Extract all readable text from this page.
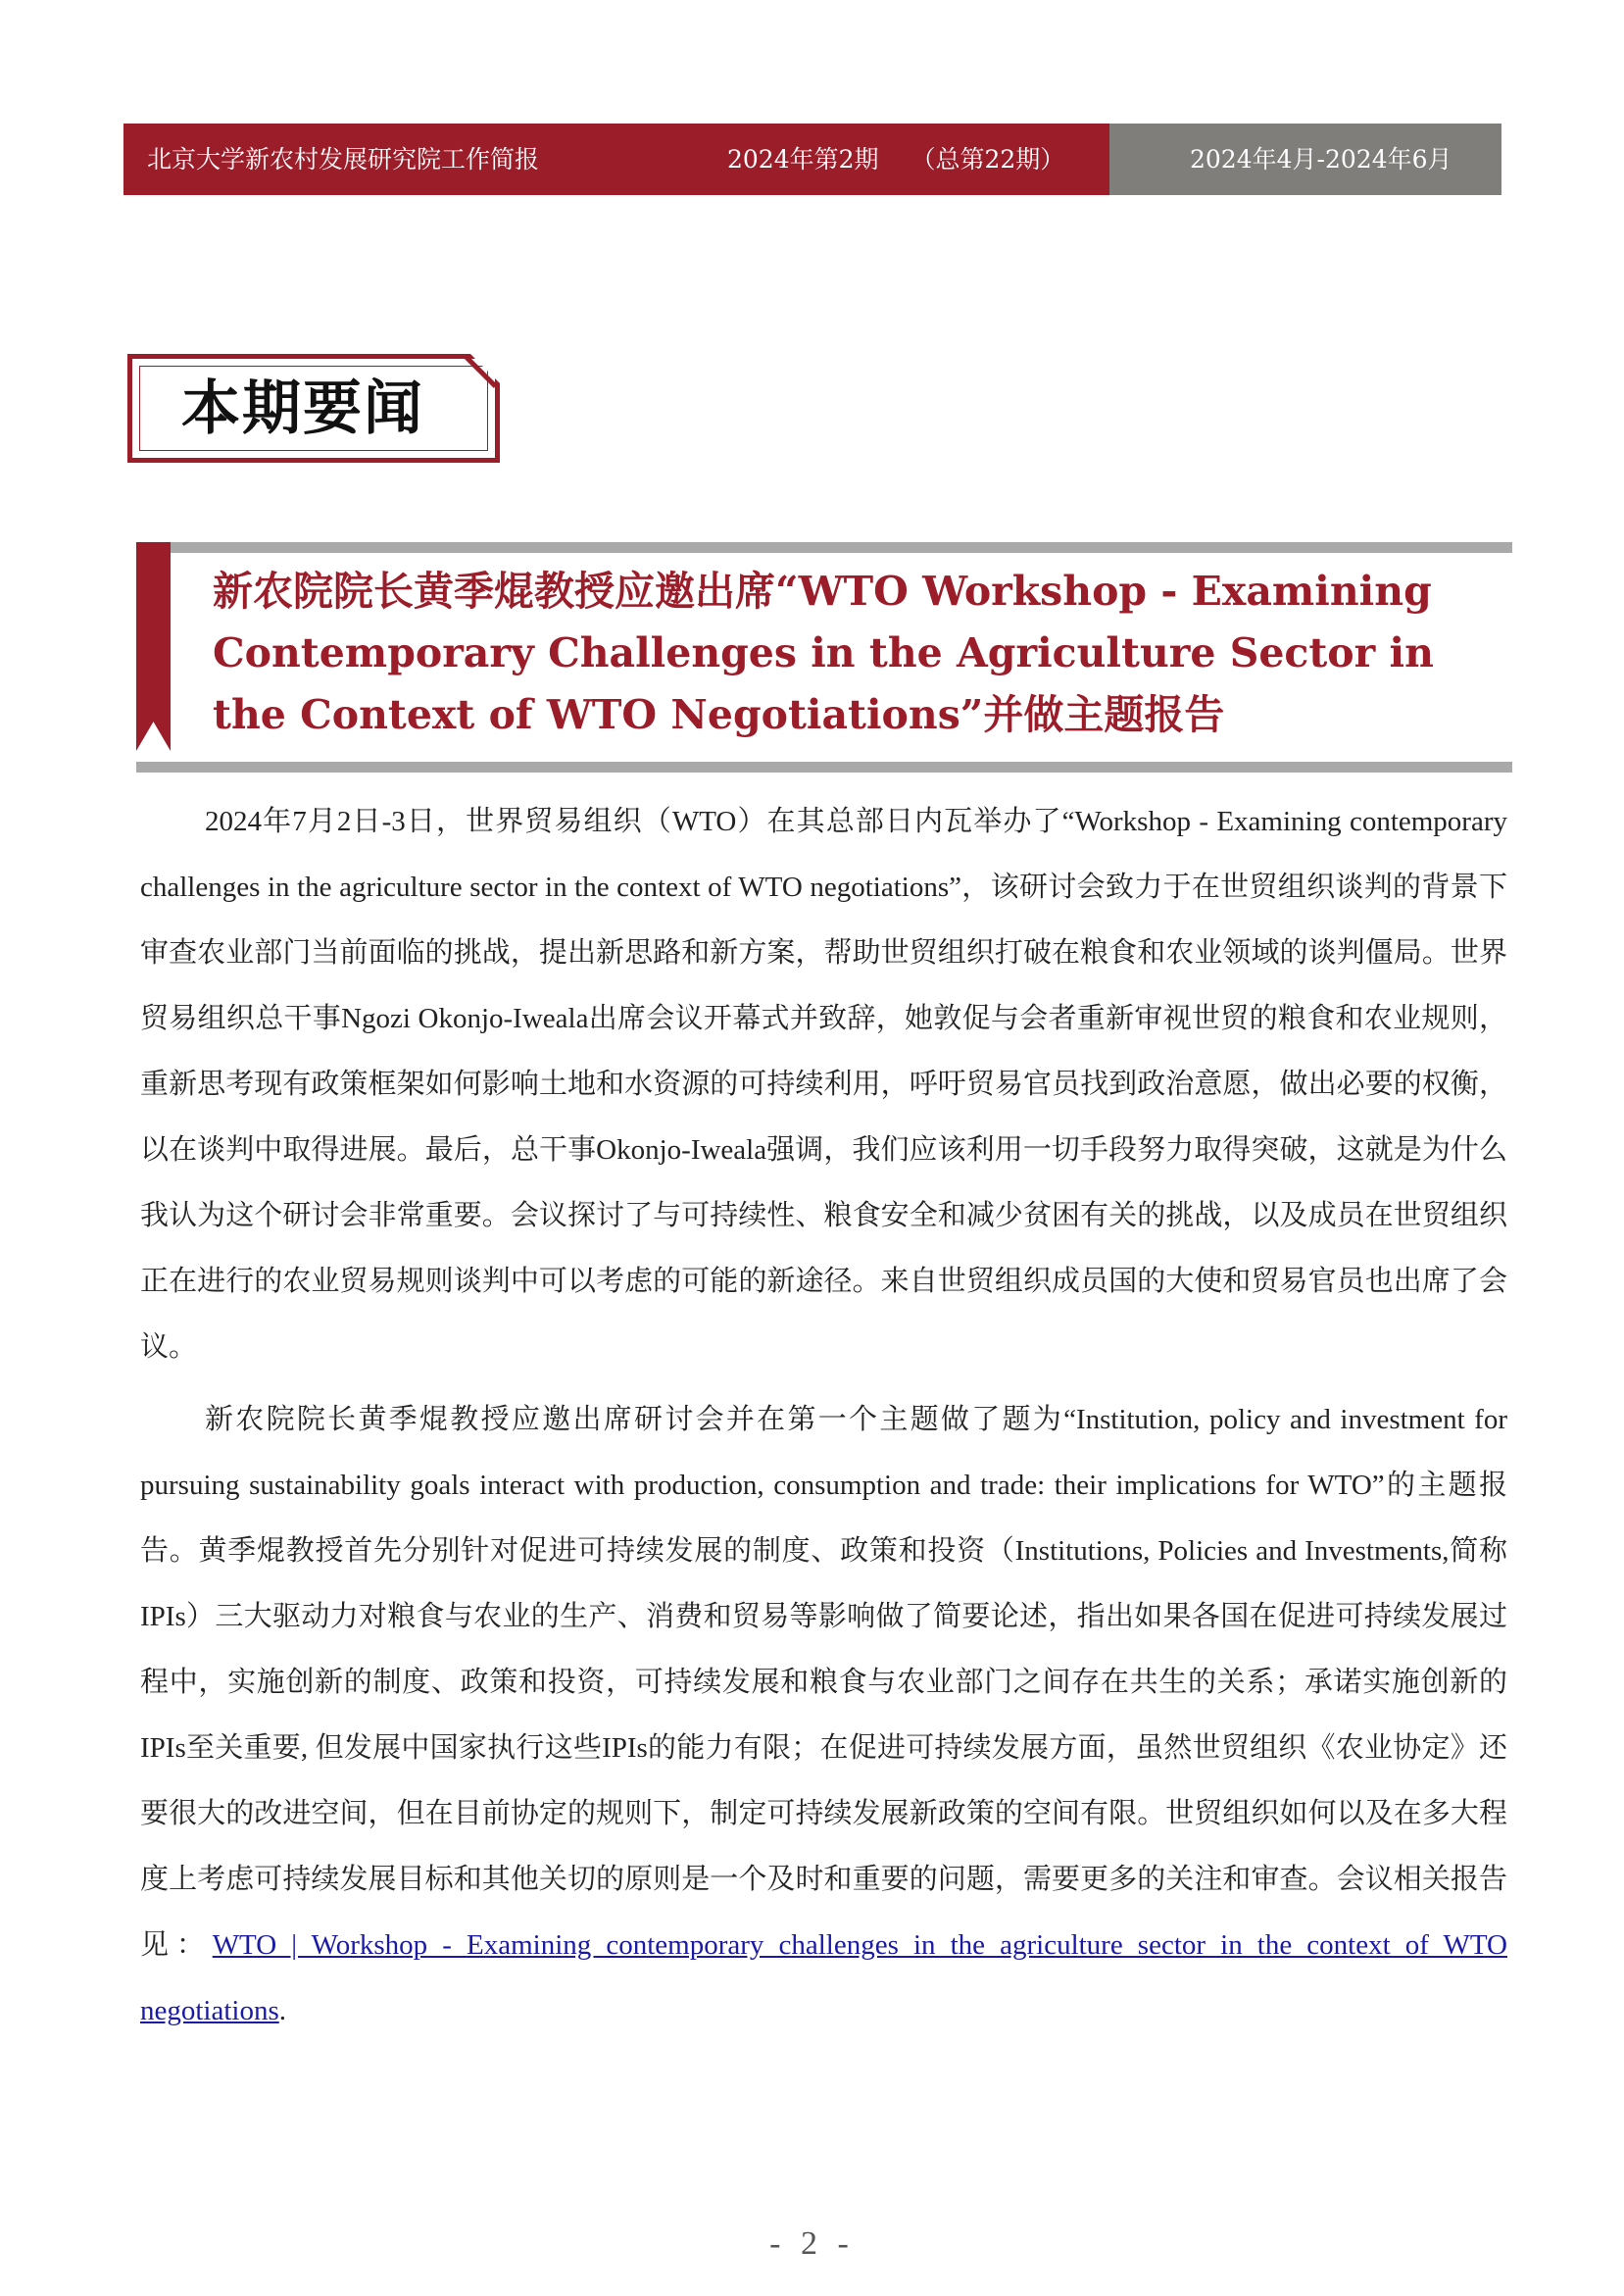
北京大学新农村发展研究院工作简报	2024年第2期　 （总第22期）	2024年4月-2024年6月
本期要闻
新农院院长黄季焜教授应邀出席“WTO Workshop - Examining Contemporary Challenges in the Agriculture Sector in the Context of WTO Negotiations”并做主题报告

2024年7月2日-3日，世界贸易组织（WTO）在其总部日内瓦举办了“Workshop - Examining contemporary challenges in the agriculture sector in the context of WTO negotiations”，该研讨会致力于在世贸组织谈判的背景下审查农业部门当前面临的挑战，提出新思路和新方案，帮助世贸组织打破在粮食和农业领域的谈判僵局。世界贸易组织总干事Ngozi Okonjo-Iweala出席会议开幕式并致辞，她敦促与会者重新审视世贸的粮食和农业规则，重新思考现有政策框架如何影响土地和水资源的可持续利用，呼吁贸易官员找到政治意愿，做出必要的权衡，以在谈判中取得进展。最后，总干事Okonjo-Iweala强调，我们应该利用一切手段努力取得突破，这就是为什么我认为这个研讨会非常重要。会议探讨了与可持续性、粮食安全和减少贫困有关的挑战，以及成员在世贸组织正在进行的农业贸易规则谈判中可以考虑的可能的新途径。来自世贸组织成员国的大使和贸易官员也出席了会议。

新农院院长黄季焜教授应邀出席研讨会并在第一个主题做了题为“Institution, policy and investment for pursuing sustainability goals interact with production, consumption and trade: their implications for WTO”的主题报告。黄季焜教授首先分别针对促进可持续发展的制度、政策和投资（Institutions, Policies and Investments,简称IPIs）三大驱动力对粮食与农业的生产、消费和贸易等影响做了简要论述，指出如果各国在促进可持续发展过程中，实施创新的制度、政策和投资，可持续发展和粮食与农业部门之间存在共生的关系；承诺实施创新的IPIs至关重要, 但发展中国家执行这些IPIs的能力有限；在促进可持续发展方面，虽然世贸组织《农业协定》还要很大的改进空间，但在目前协定的规则下，制定可持续发展新政策的空间有限。世贸组织如何以及在多大程度上考虑可持续发展目标和其他关切的原则是一个及时和重要的问题，需要更多的关注和审查。会议相关报告见：WTO | Workshop - Examining contemporary challenges in the agriculture sector in the context of WTO negotiations.

- 2 -
